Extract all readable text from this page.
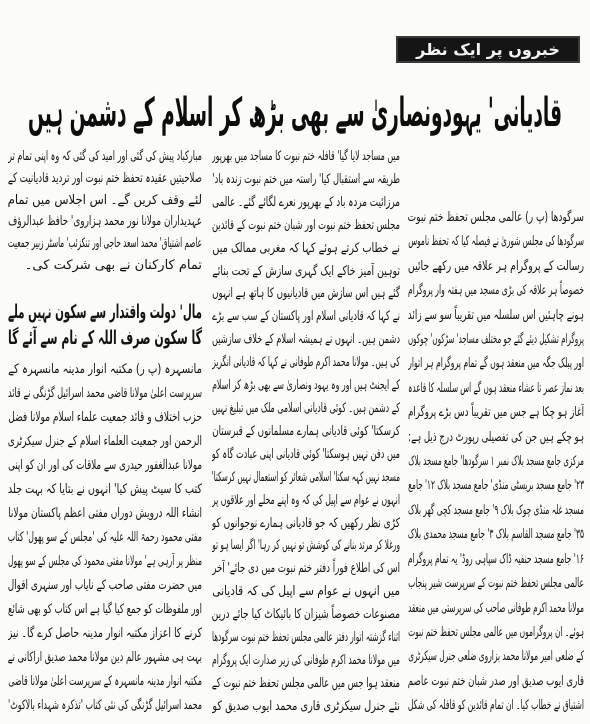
خبروں پر ایک نظر
قادیانی' یہودونصاریٰ سے بھی بڑھ کر اسلام کے دشمن ہیں
سرگودھا (پ ر) عالمی مجلس تحفظ ختم نبوت
سرگودھا کی مجلس شوریٰ نے فیصلہ کیا کہ تحفظ ناموس
رسالت کے پروگرام ہر علاقہ میں رکھے جائیں
خصوصاً ہر علاقہ کی بڑی مسجد میں ہفتہ وار پروگرام
ہونے چاہئیں اس سلسلہ میں تقریباً سو سے زائد
پروگرام تشکیل دیئے گئے جو مختلف مساجد' سڑکوں' چوکوں
اور پبلک جگہ میں منعقد ہوں گے تمام پروگرام ہر اتوار
بعد نماز عصر تا عشاء منعقد ہوں گے اس سلسلہ کا قاعدہ
آغاز ہو چکا ہے جس میں تقریباً دس بڑے پروگرام
ہو چکے ہیں جن کی تفصیلی رپورٹ درج ذیل ہے:
مرکزی جامع مسجد بلاک نمبر ۱ سرگودھا' جامع مسجد بلاک
۲۳' جامع مسجد بریسٹی منڈی' جامع مسجد بلاک ۱۲' جامع
مسجد غلہ منڈی چوک بلاک ۹' جامع مسجد کچی گھر بلاک
۳۵' جامع مسجد القاسم بلاک ۳' جامع مسجد محمدی بلاک
۱۶' جامع مسجد حنفیہ ڈاک سپاہی روڈ' یہ تمام پروگرام
عالمی مجلس تحفظ ختم نبوت کے سرپرست شیر پنجاب
مولانا محمد اکرم طوفانی صاحب کی سرپرستی میں منعقد
ہوئے۔ ان پروگراموں میں عالمی مجلس تحفظ ختم نبوت
کے ضلعی امیر مولانا محمد بزاروی ضلعی جنرل سیکرٹری
قاری ایوب صدیق اور صدر شبان ختم نبوت عاصم
اشتیاق نے خطاب کیا۔ ان تمام قائدین کو قافلہ کی شکل
میں مساجد لایا گیا' قافلہ ختم نبوت کا مساجد میں بھرپور
طریقہ سے استقبال کیا' راستہ میں ختم نبوت زندہ باد'
مرزائیت مردہ باد کے بھرپور نعرے لگائے گئے۔ عالمی
مجلس تحفظ ختم نبوت اور شبان ختم نبوت کے قائدین
نے خطاب کرتے ہوئے کہا کہ مغربی ممالک میں
توہین آمیز خاکے ایک گہری سازش کے تحت بنائے
گئے ہیں اس سازش میں قادیانیوں کا ہاتھ ہے انہوں
نے کہا کہ قادیانی اسلام اور پاکستان کے سب سے بڑے
دشمن ہیں۔ انہوں نے ہمیشہ اسلام کے خلاف سازشیں
کی ہیں۔ مولانا محمد اکرم طوفانی نے کہا کہ قادیانی انگریز
کے ایجنٹ ہیں اور وہ یہود ونصاریٰ سے بھی بڑھ کر اسلام
کے دشمن ہیں۔ کوئی قادیانی اسلامی ملک میں تبلیغ نہیں
کرسکتا' کوئی قادیانی ہمارے مسلمانوں کے قبرستان
میں دفن نہیں ہوسکتا' کوئی قادیانی اپنی عبادت گاہ کو
مسجد نہیں کہہ سکتا' اسلامی شعائر کو استعمال نہیں کرسکتا'
انہوں نے عوام سے اپیل کی کہ وہ اپنے محلے اور علاقوں پر
کڑی نظر رکھیں کہ جو قادیانی ہمارے نوجوانوں کو
ورغلا کر مرتد بنانے کی کوشش تو نہیں کر رہا' اگر ایسا ہو تو
اس کی اطلاع فوراً دفتر ختم نبوت میں دی جائے' آخر
میں انہوں نے عوام سے اپیل کی کہ قادیانی
مصنوعات خصوصاً شیزان کا بائیکاٹ کیا جائے درین
اثناء گزشتہ اتوار دفتر عالمی مجلس تحفظ ختم نبوت سرگودھا
میں مولانا محمد اکرم طوفانی کی زیر صدارت ایک پروگرام
منعقد ہوا جس میں عالمی مجلس تحفظ ختم نبوت کے
نئے جنرل سیکرٹری قاری محمد ایوب صدیق کو
مبارکباد پیش کی گئی اور امید کی گئی کہ وہ اپنی تمام تر
صلاحیتیں عقیدہ تحفظ ختم نبوت اور تردید قادیانیت کے
لئے وقف کریں گے۔ اس اجلاس میں تمام
عہدیداران مولانا نور محمد ہزاروی' حافظ عبدالرؤف
عاصم اشتیاق' محمد اسعد حاجی اور تنکزئب' ماسٹر زبیر جمعیت
تمام کارکنان نے بھی شرکت کی۔
مال' دولت واقتدار سے سکون نہیں ملے
گا سکون صرف اللہ کے نام سے آئے گا
مانسہرہ (پ ر) مکتبہ انوار مدینہ مانسہرہ کے
سرپرست اعلیٰ مولانا قاضی محمد اسرائیل گڑنگی نے قائد
حزب اختلاف و قائد جمعیت علماء اسلام مولانا فضل
الرحمن اور جمعیت العلماء اسلام کے جنرل سیکرٹری
مولانا عبدالغفور حیدری سے ملاقات کی اور ان کو اپنی
کتب کا سیٹ پیش کیا' انہوں نے بتایا کہ بہت جلد
انشاء اللہ درویش دوراں مفتی اعظم پاکستان مولانا
مفتی محمود رحمۃ اللہ علیہ کی 'مجلس کے سو پھول' کتاب
منظر پر آرہی ہے' مولانا مفتی محمود کی مجلس کے سو پھول
میں حضرت مفتی صاحب کے نایاب اور سنہری اقوال
اور ملفوظات کو جمع کیا گیا ہے اس کتاب کو بھی شائع
کرنے کا اعزاز مکتبہ انوار مدینہ حاصل کرے گا۔ نیز
بہت ہی مشہور عالم دین مولانا محمد صدیق اراکانی نے
مکتبہ انوار مدینہ مانسہرہ کے سرپرست اعلیٰ مولانا قاضی
محمد اسرائیل گڑنگی کی نئی کتاب 'تذکرہ شہداء بالاکوٹ'
